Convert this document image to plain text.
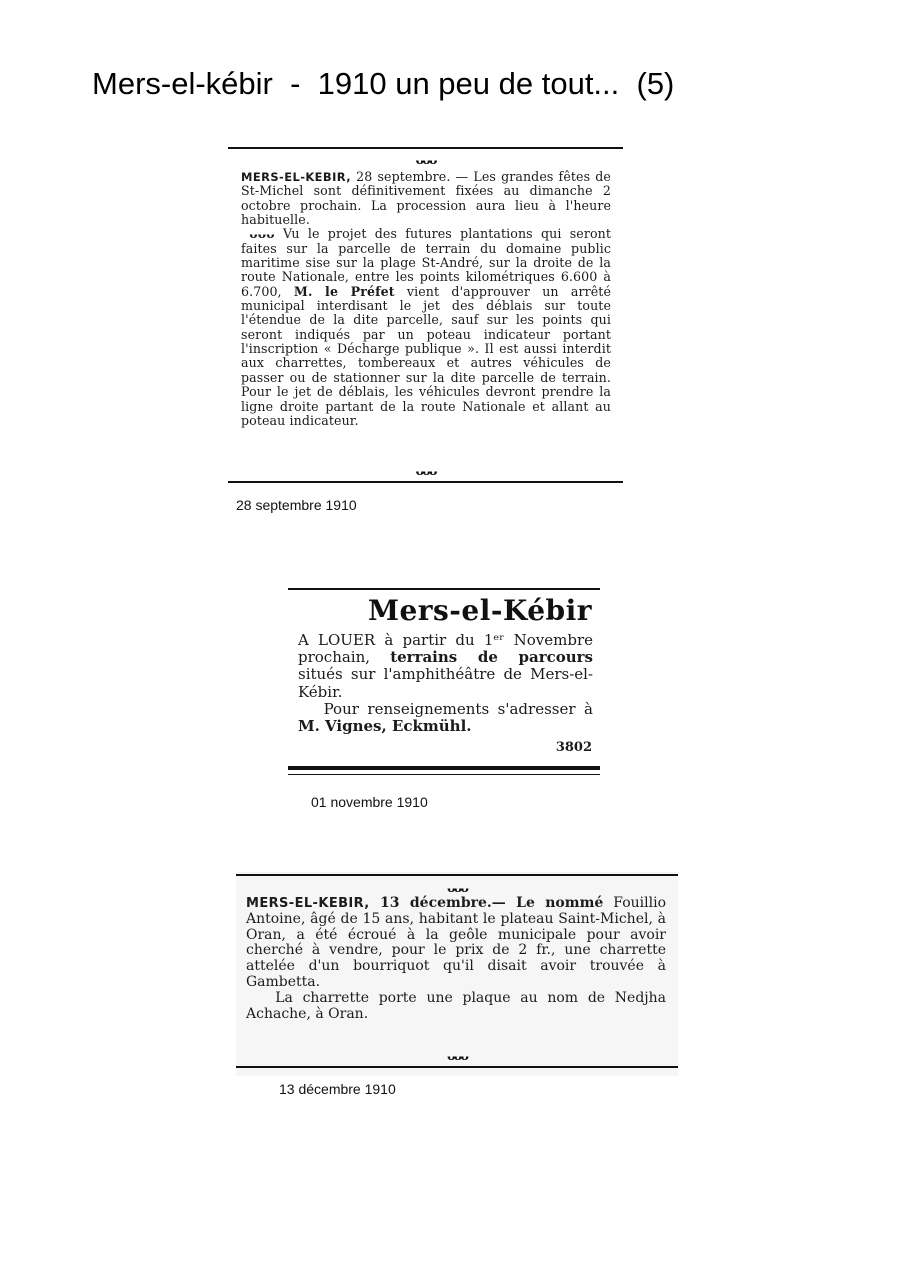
Mers-el-kébir  -  1910 un peu de tout...  (5)
ᴗᴗᴗ
MERS-EL-KEBIR, 28 septembre. — Les grandes fêtes de St-Michel sont définitivement fixées au dimanche 2 octobre prochain. La procession aura lieu à l'heure habituelle.
ᴗᴗᴗ Vu le projet des futures plantations qui seront faites sur la parcelle de terrain du domaine public maritime sise sur la plage St-André, sur la droite de la route Nationale, entre les points kilométriques 6.600 à 6.700, M. le Préfet vient d'approuver un arrêté municipal interdisant le jet des déblais sur toute l'étendue de la dite parcelle, sauf sur les points qui seront indiqués par un poteau indicateur portant l'inscription « Décharge publique ». Il est aussi interdit aux charrettes, tombereaux et autres véhicules de passer ou de stationner sur la dite parcelle de terrain. Pour le jet de déblais, les véhicules devront prendre la ligne droite partant de la route Nationale et allant au poteau indicateur.
ᴗᴗᴗ
28 septembre 1910
Mers-el-Kébir
A LOUER à partir du 1ᵉʳ Novembre prochain, terrains de parcours situés sur l'amphithéâtre de Mers-el-Kébir.
Pour renseignements s'adresser à M. Vignes, Eckmühl.
3802
01 novembre 1910
ᴗᴗᴗ
MERS-EL-KEBIR, 13 décembre.— Le nommé Fouillio Antoine, âgé de 15 ans, habitant le plateau Saint-Michel, à Oran, a été écroué à la geôle municipale pour avoir cherché à vendre, pour le prix de 2 fr., une charrette attelée d'un bourriquot qu'il disait avoir trouvée à Gambetta.
La charrette porte une plaque au nom de Nedjha Achache, à Oran.
ᴗᴗᴗ
13 décembre 1910
